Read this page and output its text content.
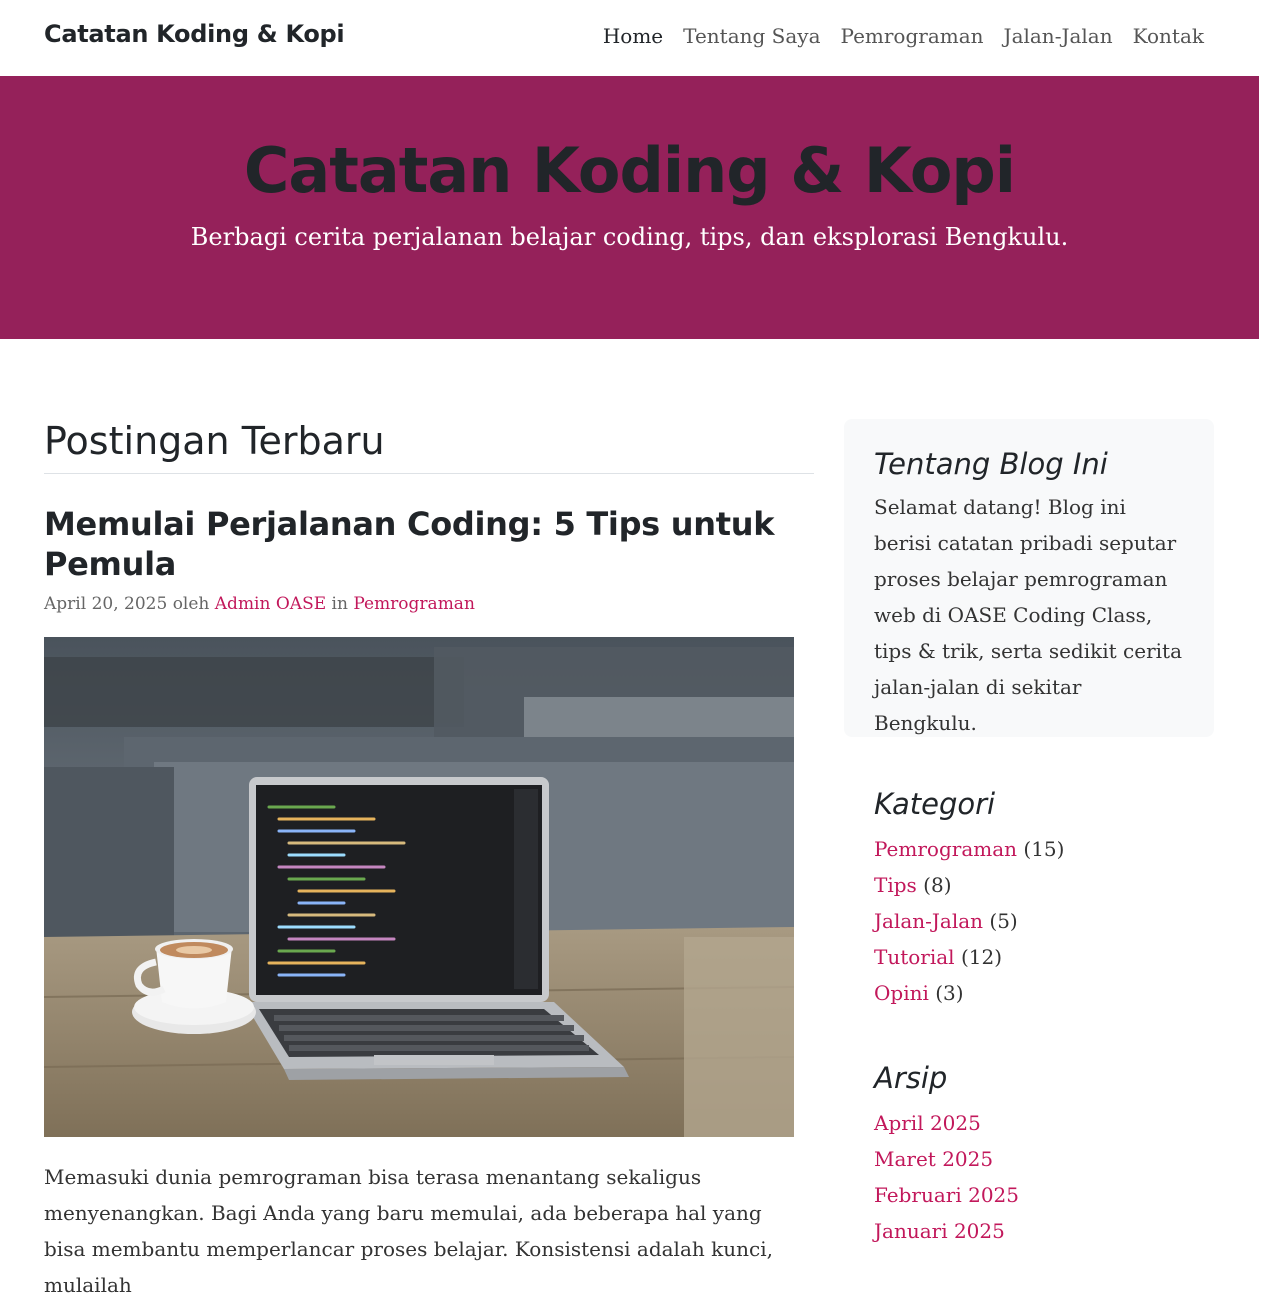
Catatan Koding & Kopi	Home Tentang Saya Pemrograman Jalan-Jalan Kontak
Catatan Koding & Kopi

Berbagi cerita perjalanan belajar coding, tips, dan eksplorasi Bengkulu.

Postingan Terbaru
Memulai Perjalanan Coding: 5 Tips untuk Pemula
April 20, 2025 oleh Admin OASE in Pemrograman

Memasuki dunia pemrograman bisa terasa menantang sekaligus menyenangkan. Bagi Anda yang baru memulai, ada beberapa hal yang bisa membantu memperlancar proses belajar. Konsistensi adalah kunci, mulailah

Tentang Blog Ini

Selamat datang! Blog ini berisi catatan pribadi seputar proses belajar pemrograman web di OASE Coding Class, tips & trik, serta sedikit cerita jalan-jalan di sekitar Bengkulu.

Kategori
Pemrograman (15)
Tips (8)
Jalan-Jalan (5)
Tutorial (12)
Opini (3)
Arsip
April 2025
Maret 2025
Februari 2025
Januari 2025
